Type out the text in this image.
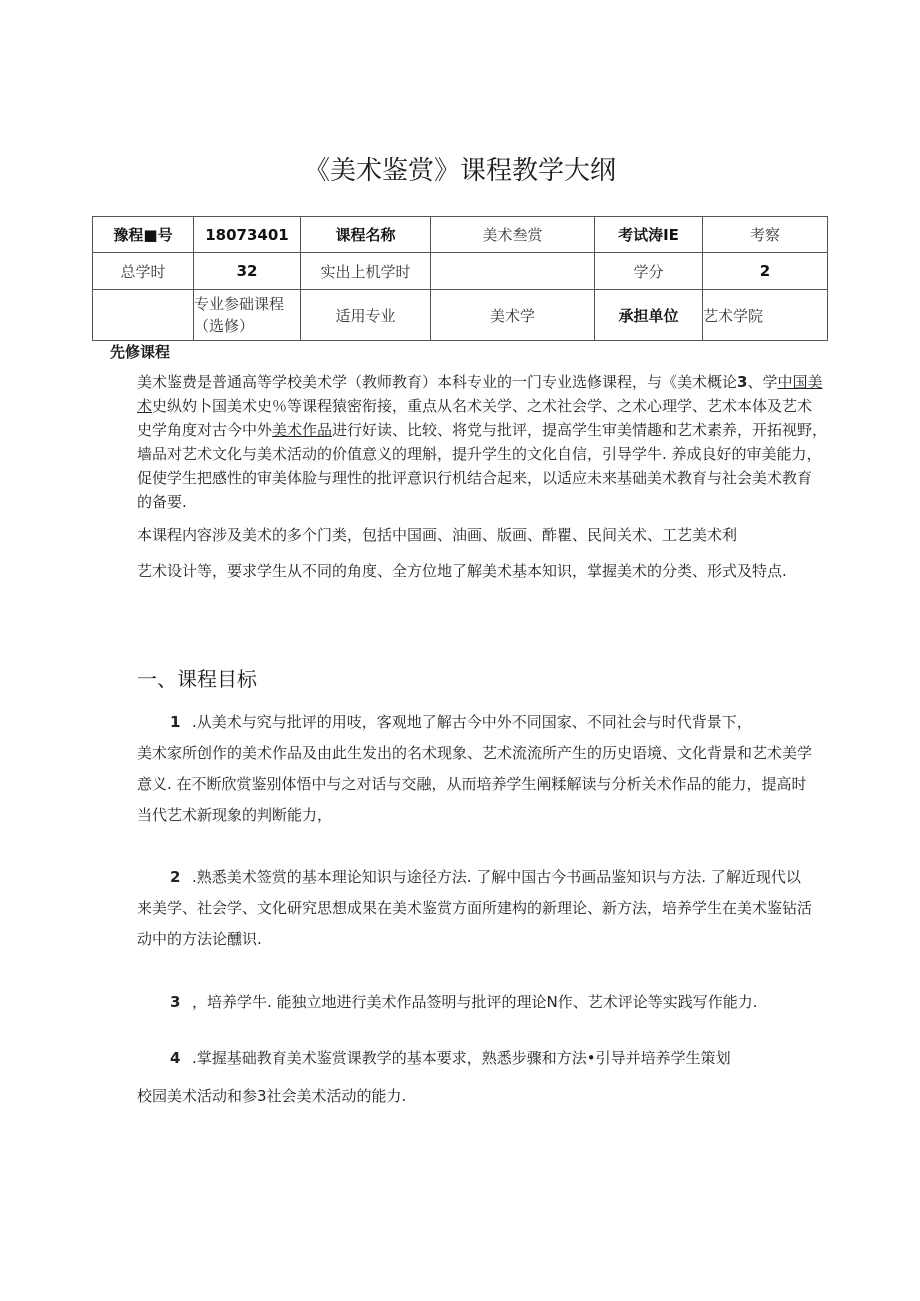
《美术鉴赏》课程教学大纲
豫程■号	18073401	课程名称	美术叁赏	考试涛IE	考察
总学时	32	实出上机学时		学分	2
	专业参础课程（选修）	适用专业	美术学	承担单位	艺术学院
先修课程
美术鉴费是普通高等学校美术学（教师教育）本科专业的一门专业选修课程，与《美术概论3、学中国美
术史纵妁卜国美术史％等课程猿密衔接，重点从名术关学、之术社会学、之术心理学、艺术本体及艺术
史学角度对古今中外美术作品进行好读、比较、将党与批评，提高学生审美情趣和艺术素养，开拓视野，
墙品对艺术文化与美术活动的价值意义的理斛，提升学生的文化自信，引导学牛. 养成良好的审美能力，
促使学生把感性的审美体脸与理性的批评意识行机结合起来，以适应未来基础美术教育与社会美术教育
的备要.
本课程内容涉及美术的多个门类，包括中国画、油画、版画、酢瞿、民间关术、工艺美术利
艺术设计等，要求学生从不同的角度、全方位地了解美术基本知识，掌握美术的分类、形式及特点.
一、课程目标
1 .从美术与究与批评的用吱，客观地了解古今中外不同国家、不同社会与时代背景下，
美术家所创作的美术作品及由此生发出的名术现象、艺术流流所产生的历史语境、文化背景和艺术美学
意义. 在不断欣赏鉴别体悟中与之对话与交融，从而培养学生阐糅解读与分析关术作品的能力，提高时
当代艺术新现象的判断能力，
2 .熟悉美术签赏的基本理论知识与途径方法. 了解中国古今书画品鉴知识与方法. 了解近现代以
来美学、社会学、文化研究思想成果在美术鉴赏方面所建构的新理论、新方法，培养学生在美术鉴钻活
动中的方法论醺识.
3 ，培养学牛. 能独立地进行美术作品签明与批评的理论N作、艺术评论等实践写作能力.
4 .掌握基础教育美术鉴赏课教学的基本要求，熟悉步骤和方法•引导并培养学生策划
校园美术活动和参3社会美术活动的能力.
